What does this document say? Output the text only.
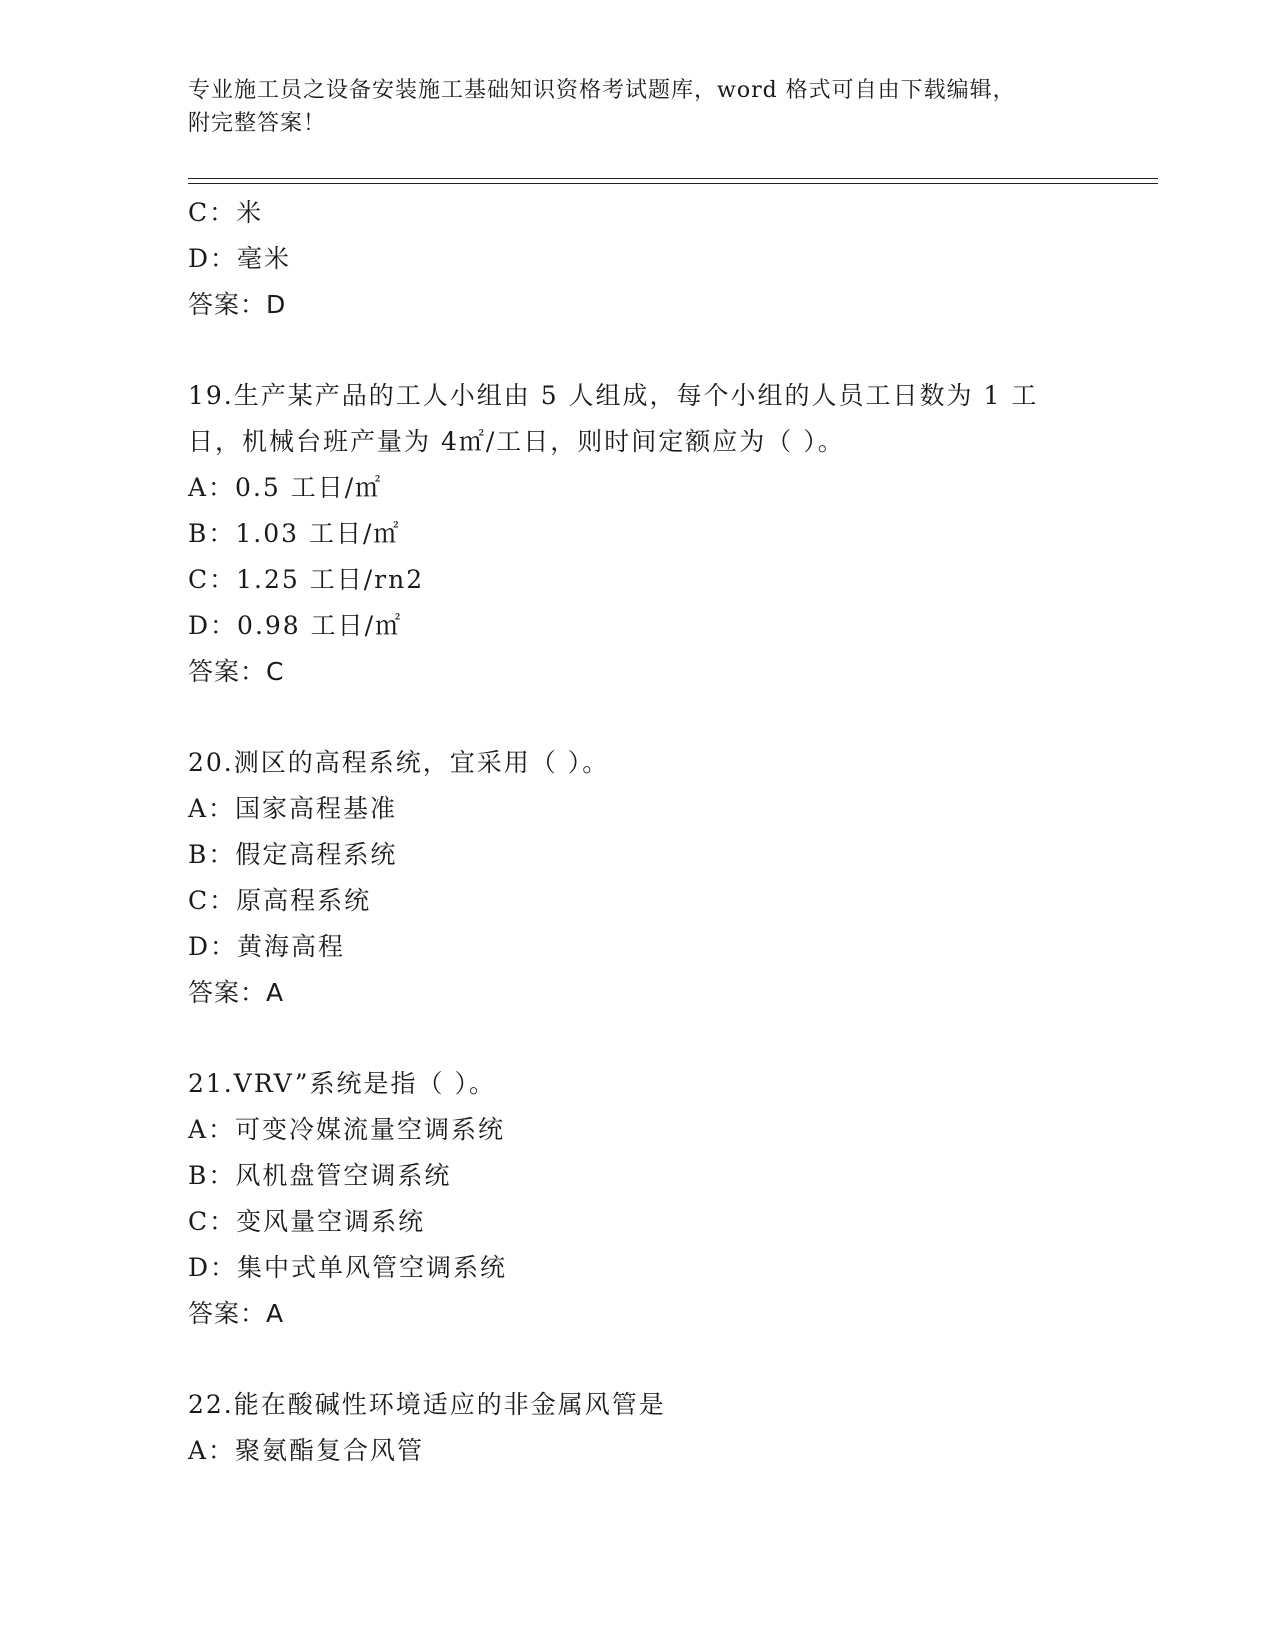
专业施工员之设备安装施工基础知识资格考试题库，word 格式可自由下载编辑，
附完整答案！
C：米
D：毫米
答案：D
19.生产某产品的工人小组由 5 人组成，每个小组的人员工日数为 1 工
日，机械台班产量为 4㎡/工日，则时间定额应为（ ）。
A：0.5 工日/㎡
B：1.03 工日/㎡
C：1.25 工日/rn2
D：0.98 工日/㎡
答案：C
20.测区的高程系统，宜采用（ ）。
A：国家高程基准
B：假定高程系统
C：原高程系统
D：黄海高程
答案：A
21.VRV”系统是指（ ）。
A：可变冷媒流量空调系统
B：风机盘管空调系统
C：变风量空调系统
D：集中式单风管空调系统
答案：A
22.能在酸碱性环境适应的非金属风管是
A：聚氨酯复合风管
